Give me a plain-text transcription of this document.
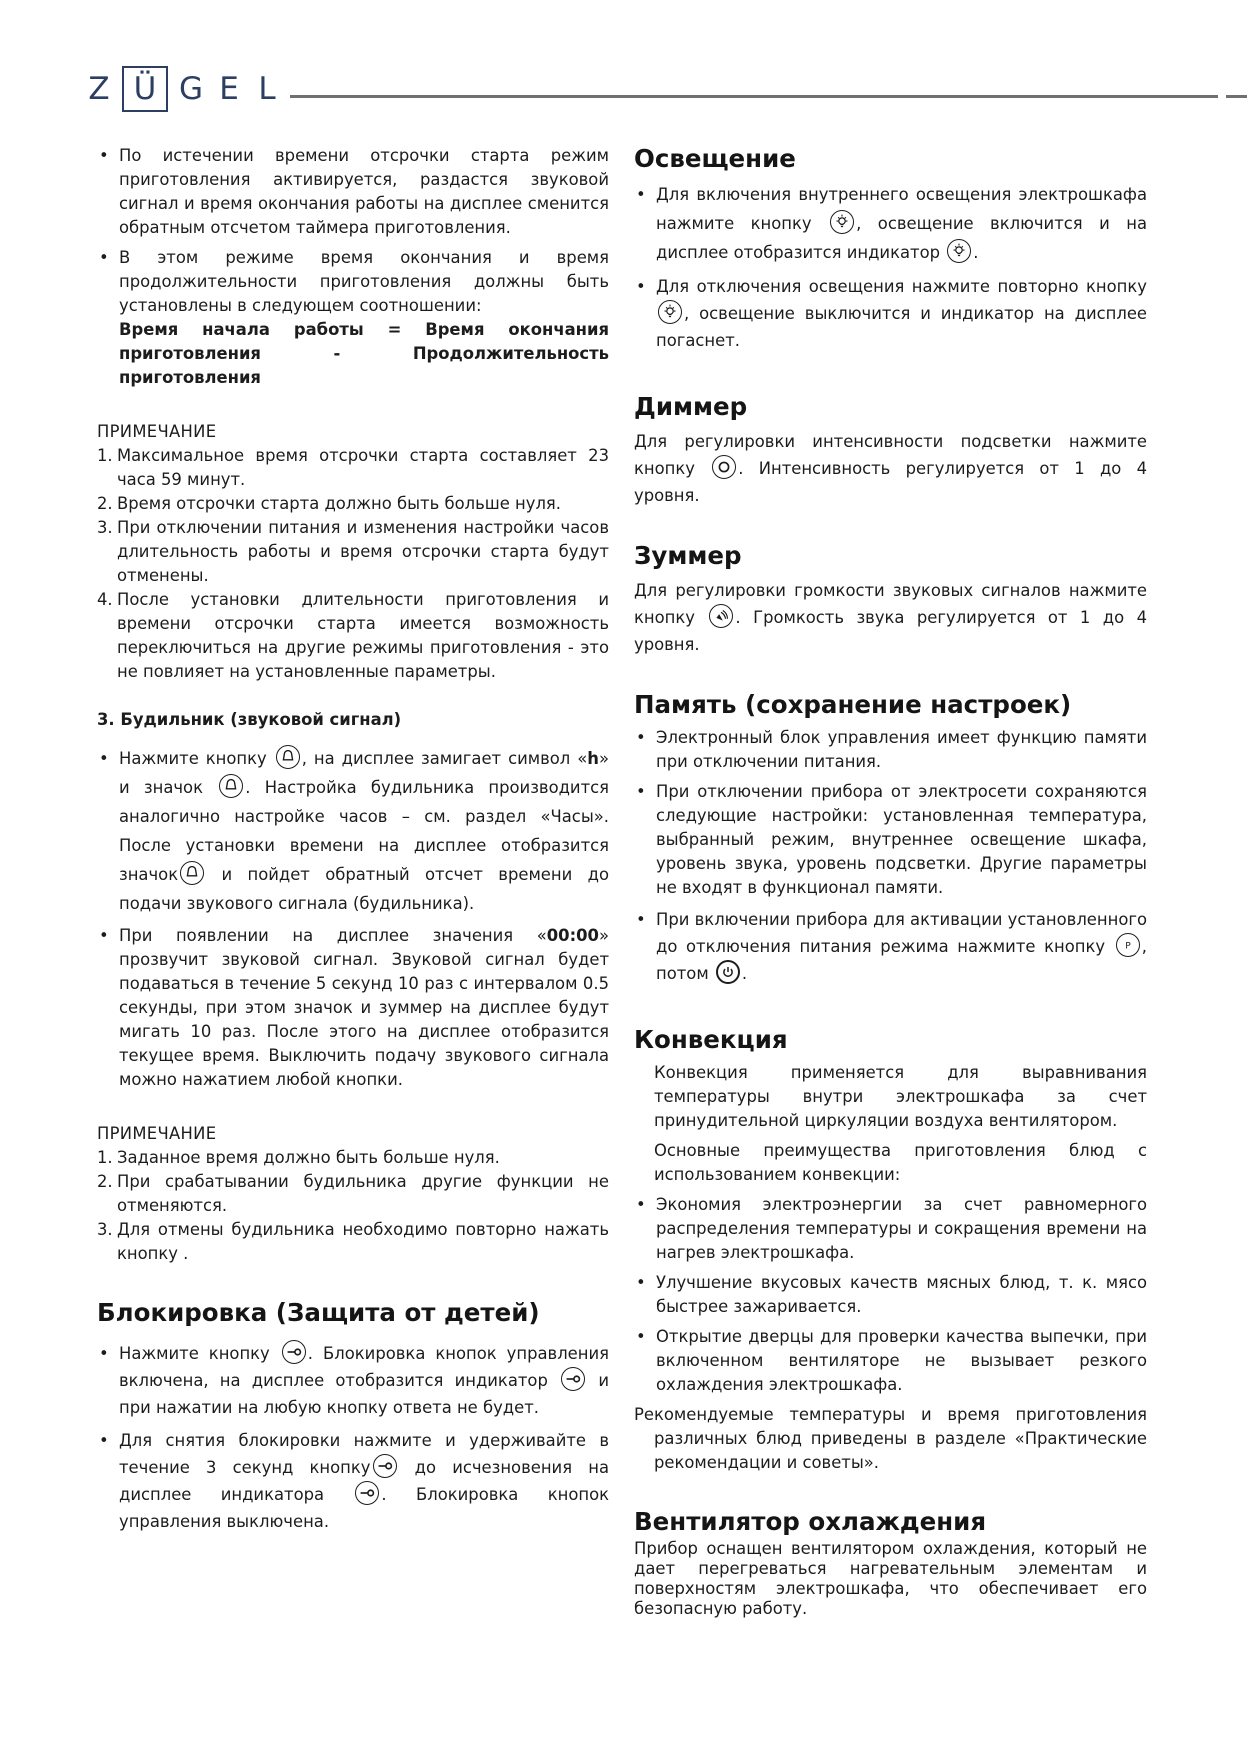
Z Ü G E L
• По истечении времени отсрочки старта режим приготовления активируется, раздастся звуковой сигнал и время окончания работы на дисплее сменится обратным отсчетом таймера приготовления.
• В этом режиме время окончания и время продолжительности приготовления должны быть установлены в следующем соотношении:
Время начала работы = Время окончания приготовления - Продолжительность приготовления
ПРИМЕЧАНИЕ
1. Максимальное время отсрочки старта составляет 23 часа 59 минут.
2. Время отсрочки старта должно быть больше нуля.
3. При отключении питания и изменения настройки часов длительность работы и время отсрочки старта будут отменены.
4. После установки длительности приготовления и времени отсрочки старта имеется возможность переключиться на другие режимы приготовления - это не повлияет на установленные параметры.
3. Будильник (звуковой сигнал)
• Нажмите кнопку , на дисплее замигает символ «h» и значок	. Настройка будильника производится аналогично настройке часов – см. раздел «Часы». После установки времени на дисплее отобразится значок
и пойдет обратный отсчет времени до подачи звукового сигнала (будильника).
• При появлении на дисплее значения «00:00» прозвучит звуковой сигнал. Звуковой сигнал будет подаваться в течение 5 секунд 10 раз с интервалом 0.5 секунды, при этом значок и зуммер на дисплее будут мигать 10 раз. После этого на дисплее отобразится текущее время. Выключить подачу звукового сигнала можно нажатием любой кнопки.
ПРИМЕЧАНИЕ
1. Заданное время должно быть больше нуля.
2. При срабатывании будильника другие функции не отменяются.
3. Для отмены будильника необходимо повторно нажать кнопку .
Блокировка (Защита от детей)
• Нажмите кнопку . Блокировка кнопок управления включена, на дисплее отобразится индикатор	и при нажатии на любую кнопку ответа не будет.
• Для снятия блокировки нажмите и удерживайте в течение 3 секунд кнопку
до исчезновения на дисплее индикатора	. Блокировка кнопок управления выключена.
Освещение
• Для включения внутреннего освещения электрошкафа нажмите кнопку	, освещение включится и на дисплее отобразится индикатор .
• Для отключения освещения нажмите повторно кнопку
, освещение выключится и индикатор на дисплее погаснет.
Диммер

Для регулировки интенсивности подсветки нажмите кнопку	. Интенсивность регулируется от 1 до 4 уровня.

Зуммер

Для регулировки громкости звуковых сигналов нажмите кнопку . Громкость звука регулируется от 1 до 4 уровня.

Память (сохранение настроек)
• Электронный блок управления имеет функцию памяти при отключении питания.
• При отключении прибора от электросети сохраняются следующие настройки: установленная температура, выбранный режим, внутреннее освещение шкафа, уровень звука, уровень подсветки. Другие параметры не входят в функционал памяти.
• При включении прибора для активации установленного до отключения питания режима нажмите кнопку P , потом .
Конвекция

Конвекция применяется для выравнивания температуры внутри электрошкафа за счет принудительной циркуляции воздуха вентилятором.

Основные преимущества приготовления блюд с использованием конвекции:

• Экономия электроэнергии за счет равномерного распределения температуры и сокращения времени на нагрев электрошкафа.
• Улучшение вкусовых качеств мясных блюд, т. к. мясо быстрее зажаривается.
• Открытие дверцы для проверки качества выпечки, при включенном вентиляторе не вызывает резкого охлаждения электрошкафа.

Рекомендуемые температуры и время приготовления различных блюд приведены в разделе «Практические рекомендации и советы».

Вентилятор охлаждения

Прибор оснащен вентилятором охлаждения, который не дает перегреваться нагревательным элементам и поверхностям электрошкафа, что обеспечивает его безопасную работу.
